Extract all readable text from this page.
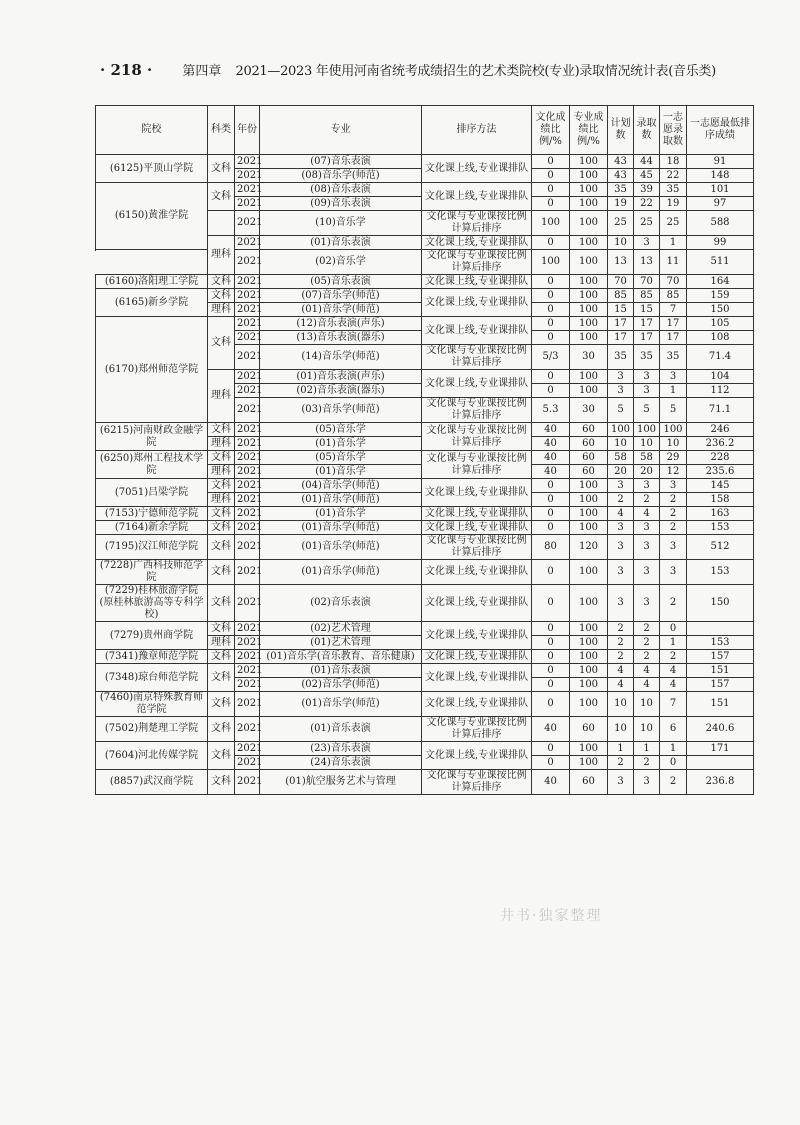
· 218 · 第四章 2021—2023 年使用河南省统考成绩招生的艺术类院校(专业)录取情况统计表(音乐类)
院校	科类	年份	专业	排序方法	文化成绩比例/%	专业成绩比例/%	计划数	录取数	一志愿录取数	一志愿最低排序成绩
(6125)平顶山学院	文科	2021	(07)音乐表演	文化课上线,专业课排队	0	100	43	44	18	91
		2021	(08)音乐学(师范)		0	100	43	45	22	148
(6150)黄淮学院	文科	2021	(08)音乐表演	文化课上线,专业课排队	0	100	35	39	35	101
		2021	(09)音乐表演		0	100	19	22	19	97
		2021	(10)音乐学	文化课与专业课按比例计算后排序	100	100	25	25	25	588

	理科	2021	(01)音乐表演	文化课上线,专业课排队	0	100	10	3	1	99
		2021	(02)音乐学	文化课与专业课按比例计算后排序	100	100	13	13	11	511

(6160)洛阳理工学院	文科	2021	(05)音乐表演	文化课上线,专业课排队	0	100	70	70	70	164
(6165)新乡学院	文科	2021	(07)音乐学(师范)	文化课上线,专业课排队	0	100	85	85	85	159
	理科	2021	(01)音乐学(师范)		0	100	15	15	7	150
(6170)郑州师范学院	文科	2021	(12)音乐表演(声乐)	文化课上线,专业课排队	0	100	17	17	17	105
		2021	(13)音乐表演(器乐)		0	100	17	17	17	108
		2021	(14)音乐学(师范)	文化课与专业课按比例计算后排序	5/3	30	35	35	35	71.4

	理科	2021	(01)音乐表演(声乐)	文化课上线,专业课排队	0	100	3	3	3	104
		2021	(02)音乐表演(器乐)		0	100	3	3	1	112
		2021	(03)音乐学(师范)	文化课与专业课按比例计算后排序	5.3	30	5	5	5	71.1

(6215)河南财政金融学院	文科	2021	(05)音乐学	文化课与专业课按比例计算后排序	40	60	100	100	100	246
	理科	2021	(01)音乐学		40	60	10	10	10	236.2
(6250)郑州工程技术学院	文科	2021	(05)音乐学	文化课与专业课按比例计算后排序	40	60	58	58	29	228
	理科	2021	(01)音乐学		40	60	20	20	12	235.6
(7051)吕梁学院	文科	2021	(04)音乐学(师范)	文化课上线,专业课排队	0	100	3	3	3	145
	理科	2021	(01)音乐学(师范)		0	100	2	2	2	158
(7153)宁德师范学院	文科	2021	(01)音乐学	文化课上线,专业课排队	0	100	4	4	2	163
(7164)新余学院	文科	2021	(01)音乐学(师范)	文化课上线,专业课排队	0	100	3	3	2	153
(7195)汉江师范学院	文科	2021	(01)音乐学(师范)	文化课与专业课按比例计算后排序	80	120	3	3	3	512

(7228)广西科技师范学院	文科	2021	(01)音乐学(师范)	文化课上线,专业课排队	0	100	3	3	3	153
(7229)桂林旅游学院(原桂林旅游高等专科学校)	文科	2021	(02)音乐表演	文化课上线,专业课排队	0	100	3	3	2	150

(7279)贵州商学院	文科	2021	(02)艺术管理	文化课上线,专业课排队	0	100	2	2	0	
	理科	2021	(01)艺术管理		0	100	2	2	1	153
(7341)豫章师范学院	文科	2021	(01)音乐学(音乐教育、音乐健康)	文化课上线,专业课排队	0	100	2	2	2	157
(7348)琼台师范学院	文科	2021	(01)音乐表演	文化课上线,专业课排队	0	100	4	4	4	151
		2021	(02)音乐学(师范)		0	100	4	4	4	157
(7460)南京特殊教育师范学院	文科	2021	(01)音乐学(师范)	文化课上线,专业课排队	0	100	10	10	7	151

(7502)荆楚理工学院	文科	2021	(01)音乐表演	文化课与专业课按比例计算后排序	40	60	10	10	6	240.6

(7604)河北传媒学院	文科	2021	(23)音乐表演	文化课上线,专业课排队	0	100	1	1	1	171
		2021	(24)音乐表演		0	100	2	2	0	
(8857)武汉商学院	文科	2021	(01)航空服务艺术与管理	文化课与专业课按比例计算后排序	40	60	3	3	2	236.8

井书·独家整理
